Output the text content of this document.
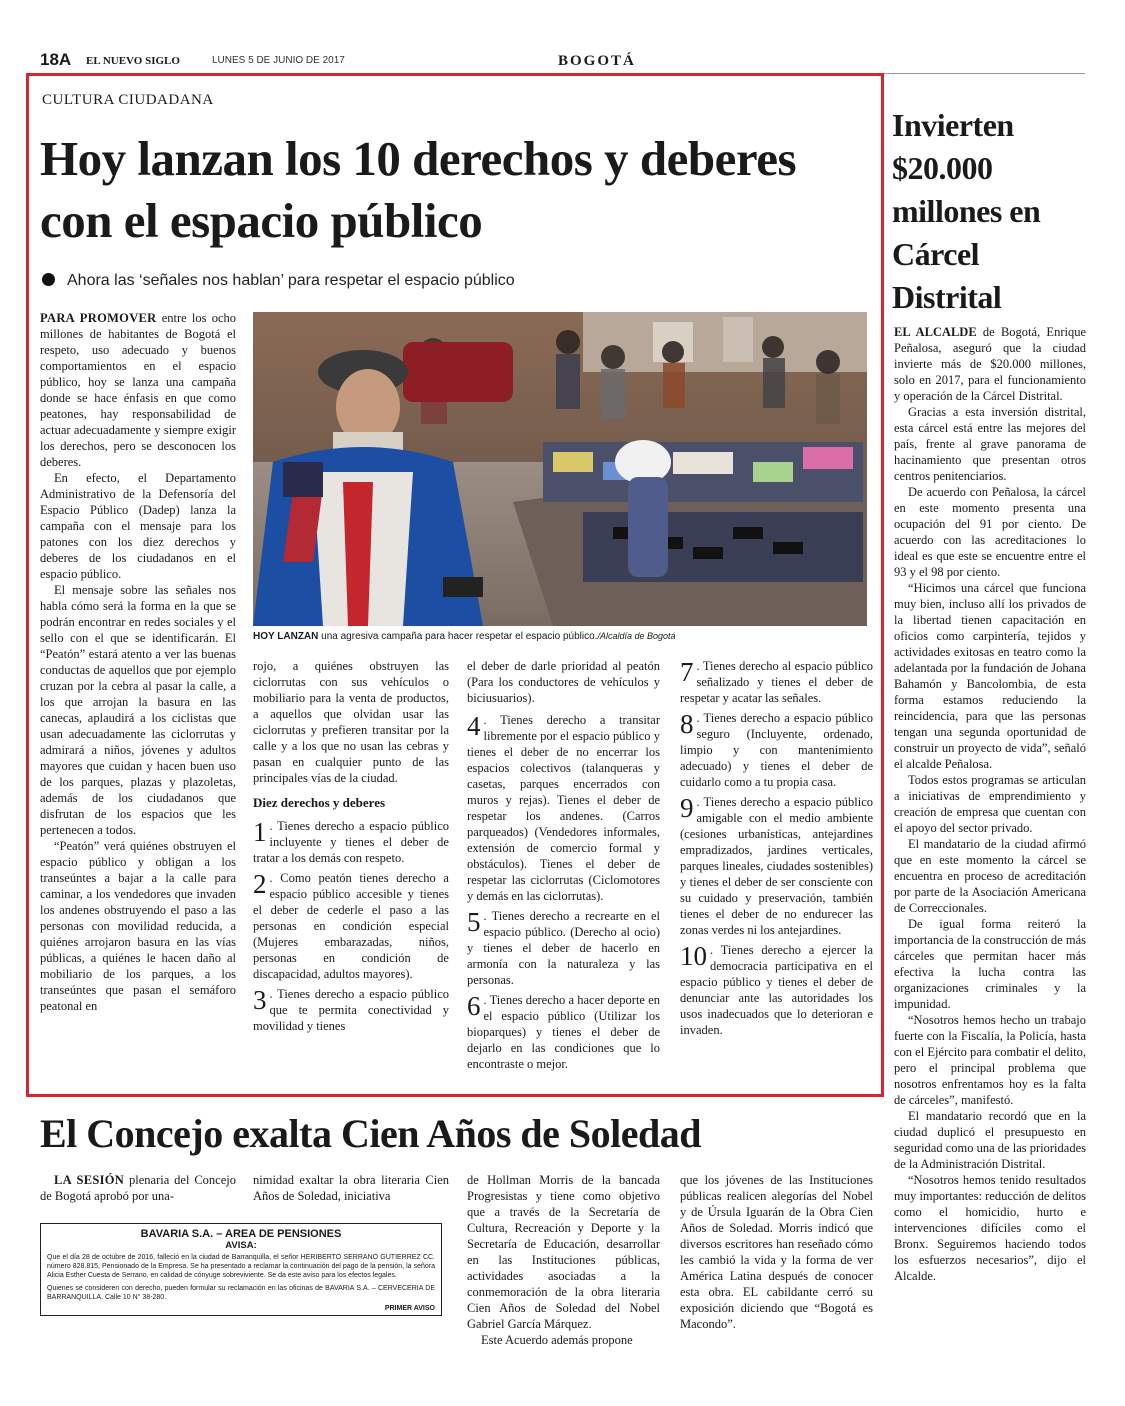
18A EL NUEVO SIGLO	LUNES 5 DE JUNIO DE 2017	BOGOTÁ
CULTURA CIUDADANA
Hoy lanzan los 10 derechos y deberes con el espacio público
Ahora las ‘señales nos hablan’ para respetar el espacio público

PARA PROMOVER entre los ocho millones de habitantes de Bogotá el respeto, uso adecuado y buenos comportamientos en el espacio público, hoy se lanza una campaña donde se hace énfasis en que como peatones, hay responsabilidad de actuar adecuadamente y siempre exigir los derechos, pero se desconocen los deberes.

En efecto, el Departamento Administrativo de la Defensoría del Espacio Público (Dadep) lanza la campaña con el mensaje para los patones con los diez derechos y deberes de los ciudadanos en el espacio público.

El mensaje sobre las señales nos habla cómo será la forma en la que se podrán encontrar en redes sociales y el sello con el que se identificarán. El “Peatón” estará atento a ver las buenas conductas de aquellos que por ejemplo cruzan por la cebra al pasar la calle, a los que arrojan la basura en las canecas, aplaudirá a los ciclistas que usan adecuadamente las ciclorrutas y admirará a niños, jóvenes y adultos mayores que cuidan y hacen buen uso de los parques, plazas y plazoletas, además de los ciudadanos que disfrutan de los espacios que les pertenecen a todos.

“Peatón” verá quiénes obstruyen el espacio público y obligan a los transeúntes a bajar a la calle para caminar, a los vendedores que invaden los andenes obstruyendo el paso a las personas con movilidad reducida, a quiénes arrojaron basura en las vías públicas, a quiénes le hacen daño al mobiliario de los parques, a los transeúntes que pasan el semáforo peatonal en

HOY LANZAN una agresiva campaña para hacer respetar el espacio público./Alcaldía de Bogotá

rojo, a quiénes obstruyen las ciclorrutas con sus vehículos o mobiliario para la venta de productos, a aquellos que olvidan usar las ciclorrutas y prefieren transitar por la calle y a los que no usan las cebras y pasan en cualquier punto de las principales vías de la ciudad.

Diez derechos y deberes
1 . Tienes derecho a espacio público incluyente y tienes el deber de tratar a los demás con respeto.
2 . Como peatón tienes derecho a espacio público accesible y tienes el deber de cederle el paso a las personas en condición especial (Mujeres embarazadas, niños, personas en condición de discapacidad, adultos mayores).
3 . Tienes derecho a espacio público que te permita conectividad y movilidad y tienes

el deber de darle prioridad al peatón (Para los conductores de vehículos y biciusuarios).

4 . Tienes derecho a transitar libremente por el espacio público y tienes el deber de no encerrar los espacios colectivos (talanqueras y casetas, parques encerrados con muros y rejas). Tienes el deber de respetar los andenes. (Carros parqueados) (Vendedores informales, extensión de comercio formal y obstáculos). Tienes el deber de respetar las ciclorrutas (Ciclomotores y demás en las ciclorrutas).
5 . Tienes derecho a recrearte en el espacio público. (Derecho al ocio) y tienes el deber de hacerlo en armonía con la naturaleza y las personas.
6 . Tienes derecho a hacer deporte en el espacio público (Utilizar los bioparques) y tienes el deber de dejarlo en las condiciones que lo encontraste o mejor.
7 . Tienes derecho al espacio público señalizado y tienes el deber de respetar y acatar las señales.
8 . Tienes derecho a espacio público seguro (Incluyente, ordenado, limpio y con mantenimiento adecuado) y tienes el deber de cuidarlo como a tu propia casa.
9 . Tienes derecho a espacio público amigable con el medio ambiente (cesiones urbanísticas, antejardines empradizados, jardines verticales, parques lineales, ciudades sostenibles) y tienes el deber de ser consciente con su cuidado y preservación, también tienes el deber de no endurecer las zonas verdes ni los antejardines.
10 . Tienes derecho a ejercer la democracia participativa en el espacio público y tienes el deber de denunciar ante las autoridades los usos inadecuados que lo deterioran e invaden.
Invierten $20.000 millones en Cárcel Distrital

EL ALCALDE de Bogotá, Enrique Peñalosa, aseguró que la ciudad invierte más de $20.000 millones, solo en 2017, para el funcionamiento y operación de la Cárcel Distrital.

Gracias a esta inversión distrital, esta cárcel está entre las mejores del país, frente al grave panorama de hacinamiento que presentan otros centros penitenciarios.

De acuerdo con Peñalosa, la cárcel en este momento presenta una ocupación del 91 por ciento. De acuerdo con las acreditaciones lo ideal es que este se encuentre entre el 93 y el 98 por ciento.

“Hicimos una cárcel que funciona muy bien, incluso allí los privados de la libertad tienen capacitación en oficios como carpintería, tejidos y actividades exitosas en teatro como la adelantada por la fundación de Johana Bahamón y Bancolombia, de esta forma estamos reduciendo la reincidencia, para que las personas tengan una segunda oportunidad de construir un proyecto de vida”, señaló el alcalde Peñalosa.

Todos estos programas se articulan a iniciativas de emprendimiento y creación de empresa que cuentan con el apoyo del sector privado.

El mandatario de la ciudad afirmó que en este momento la cárcel se encuentra en proceso de acreditación por parte de la Asociación Americana de Correccionales.

De igual forma reiteró la importancia de la construcción de más cárceles que permitan hacer más efectiva la lucha contra las organizaciones criminales y la impunidad.

“Nosotros hemos hecho un trabajo fuerte con la Fiscalía, la Policía, hasta con el Ejército para combatir el delito, pero el principal problema que nosotros enfrentamos hoy es la falta de cárceles”, manifestó.

El mandatario recordó que en la ciudad duplicó el presupuesto en seguridad como una de las prioridades de la Administración Distrital.

“Nosotros hemos tenido resultados muy importantes: reducción de delitos como el homicidio, hurto e intervenciones difíciles como el Bronx. Seguiremos haciendo todos los esfuerzos necesarios”, dijo el Alcalde.

El Concejo exalta Cien Años de Soledad

LA SESIÓN plenaria del Concejo de Bogotá aprobó por una-

nimidad exaltar la obra literaria Cien Años de Soledad, iniciativa

de Hollman Morris de la bancada Progresistas y tiene como objetivo que a través de la Secretaría de Cultura, Recreación y Deporte y la Secretaría de Educación, desarrollar en las Instituciones públicas, actividades asociadas a la conmemoración de la obra literaria Cien Años de Soledad del Nobel Gabriel García Márquez.

Este Acuerdo además propone

que los jóvenes de las Instituciones públicas realicen alegorías del Nobel y de Úrsula Iguarán de la Obra Cien Años de Soledad. Morris indicó que diversos escritores han reseñado cómo les cambió la vida y la forma de ver América Latina después de conocer esta obra. EL cabildante cerró su exposición diciendo que “Bogotá es Macondo”.

BAVARIA S.A. – AREA DE PENSIONES
AVISA:
Que el día 28 de octubre de 2016, falleció en la ciudad de Barranquilla, el señor HERIBERTO SERRANO GUTIERREZ CC. número 828.815, Pensionado de la Empresa. Se ha presentado a reclamar la continuación del pago de la pensión, la señora Alicia Esther Cuesta de Serrano, en calidad de cónyuge sobreviviente. Se da este aviso para los efectos legales.
Quienes se consideren con derecho, pueden formular su reclamación en las oficinas de BAVARIA S.A. – CERVECERIA DE BARRANQUILLA. Calle 10 N° 38-280.
PRIMER AVISO
